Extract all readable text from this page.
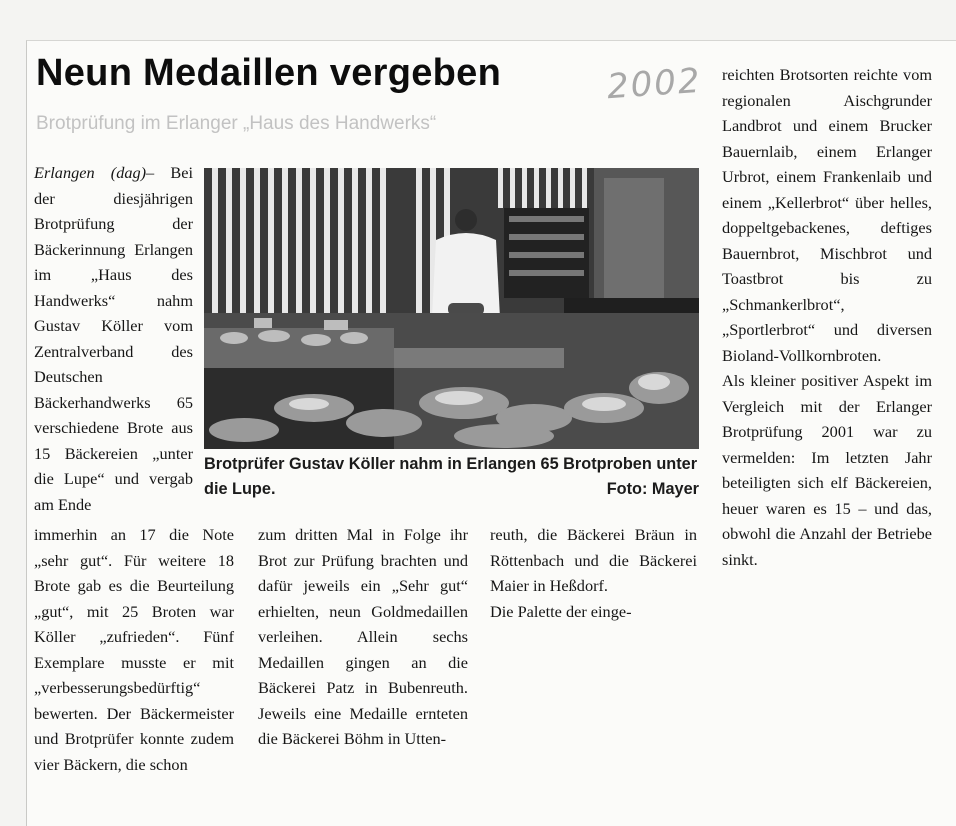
Neun Medaillen vergeben	2002
Brotprüfung im Erlanger „Haus des Handwerks“

Erlangen (dag)– Bei der diesjährigen Brotprüfung der Bäckerinnung Erlangen im „Haus des Handwerks“ nahm Gustav Köller vom Zentralverband des Deutschen Bäckerhandwerks 65 verschiedene Brote aus 15 Bäckereien „unter die Lupe“ und vergab am Ende

immerhin an 17 die Note „sehr gut“. Für weitere 18 Brote gab es die Beurteilung „gut“, mit 25 Broten war Köller „zufrieden“. Fünf Exemplare musste er mit „verbesserungsbedürftig“ bewerten. Der Bäckermeister und Brotprüfer konnte zudem vier Bäckern, die schon

zum dritten Mal in Folge ihr Brot zur Prüfung brachten und dafür jeweils ein „Sehr gut“ erhielten, neun Goldmedaillen verleihen. Allein sechs Medaillen gingen an die Bäckerei Patz in Bubenreuth. Jeweils eine Medaille ernteten die Bäckerei Böhm in Utten-

reuth, die Bäckerei Bräun in Röttenbach und die Bäckerei Maier in Heßdorf.
Die Palette der einge-

reichten Brotsorten reichte vom regionalen Aischgrunder Landbrot und einem Brucker Bauernlaib, einem Erlanger Urbrot, einem Frankenlaib und einem „Kellerbrot“ über helles, doppeltgebackenes, deftiges Bauernbrot, Mischbrot und Toastbrot bis zu „Schmankerlbrot“, „Sportlerbrot“ und diversen Bioland-Vollkornbroten.
Als kleiner positiver Aspekt im Vergleich mit der Erlanger Brotprüfung 2001 war zu vermelden: Im letzten Jahr beteiligten sich elf Bäckereien, heuer waren es 15 – und das, obwohl die Anzahl der Betriebe sinkt.

Brotprüfer Gustav Köller nahm in Erlangen 65 Brotproben unter die Lupe.	Foto: Mayer
